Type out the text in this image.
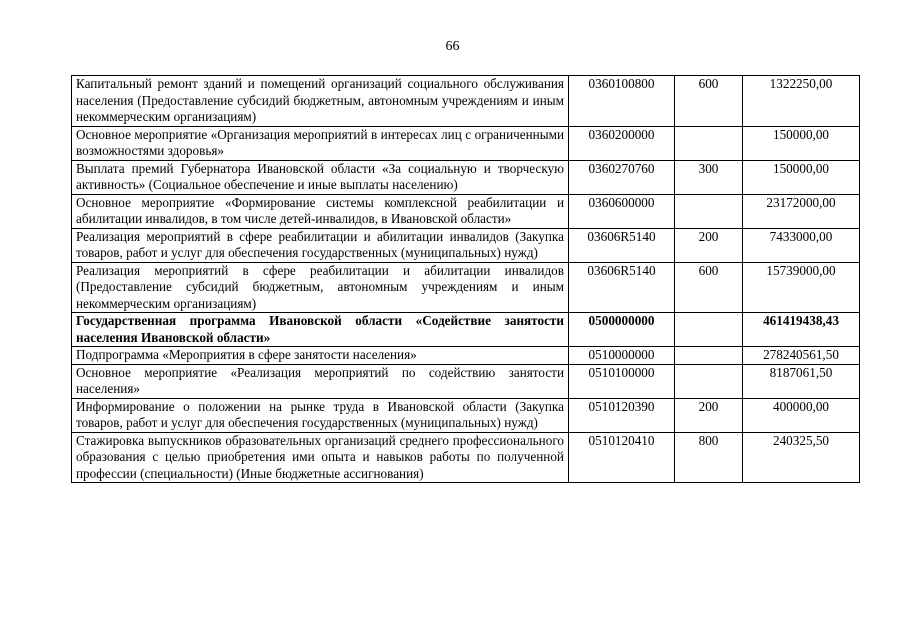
66
Капитальный ремонт зданий и помещений организаций социального обслуживания населения (Предоставление субсидий бюджетным, автономным учреждениям и иным некоммерческим организациям)	0360100800	600	1322250,00
Основное мероприятие «Организация мероприятий в интересах лиц с ограниченными возможностями здоровья»	0360200000		150000,00
Выплата премий Губернатора Ивановской области «За социальную и творческую активность» (Социальное обеспечение и иные выплаты населению)	0360270760	300	150000,00
Основное мероприятие «Формирование системы комплексной реабилитации и абилитации инвалидов, в том числе детей-инвалидов, в Ивановской области»	0360600000		23172000,00
Реализация мероприятий в сфере реабилитации и абилитации инвалидов (Закупка товаров, работ и услуг для обеспечения государственных (муниципальных) нужд)	03606R5140	200	7433000,00
Реализация мероприятий в сфере реабилитации и абилитации инвалидов (Предоставление субсидий бюджетным, автономным учреждениям и иным некоммерческим организациям)	03606R5140	600	15739000,00
Государственная программа Ивановской области «Содействие занятости населения Ивановской области»	0500000000		461419438,43
Подпрограмма «Мероприятия в сфере занятости населения»	0510000000		278240561,50
Основное мероприятие «Реализация мероприятий по содействию занятости населения»	0510100000		8187061,50
Информирование о положении на рынке труда в Ивановской области (Закупка товаров, работ и услуг для обеспечения государственных (муниципальных) нужд)	0510120390	200	400000,00
Стажировка выпускников образовательных организаций среднего профессионального образования с целью приобретения ими опыта и навыков работы по полученной профессии (специальности) (Иные бюджетные ассигнования)	0510120410	800	240325,50
